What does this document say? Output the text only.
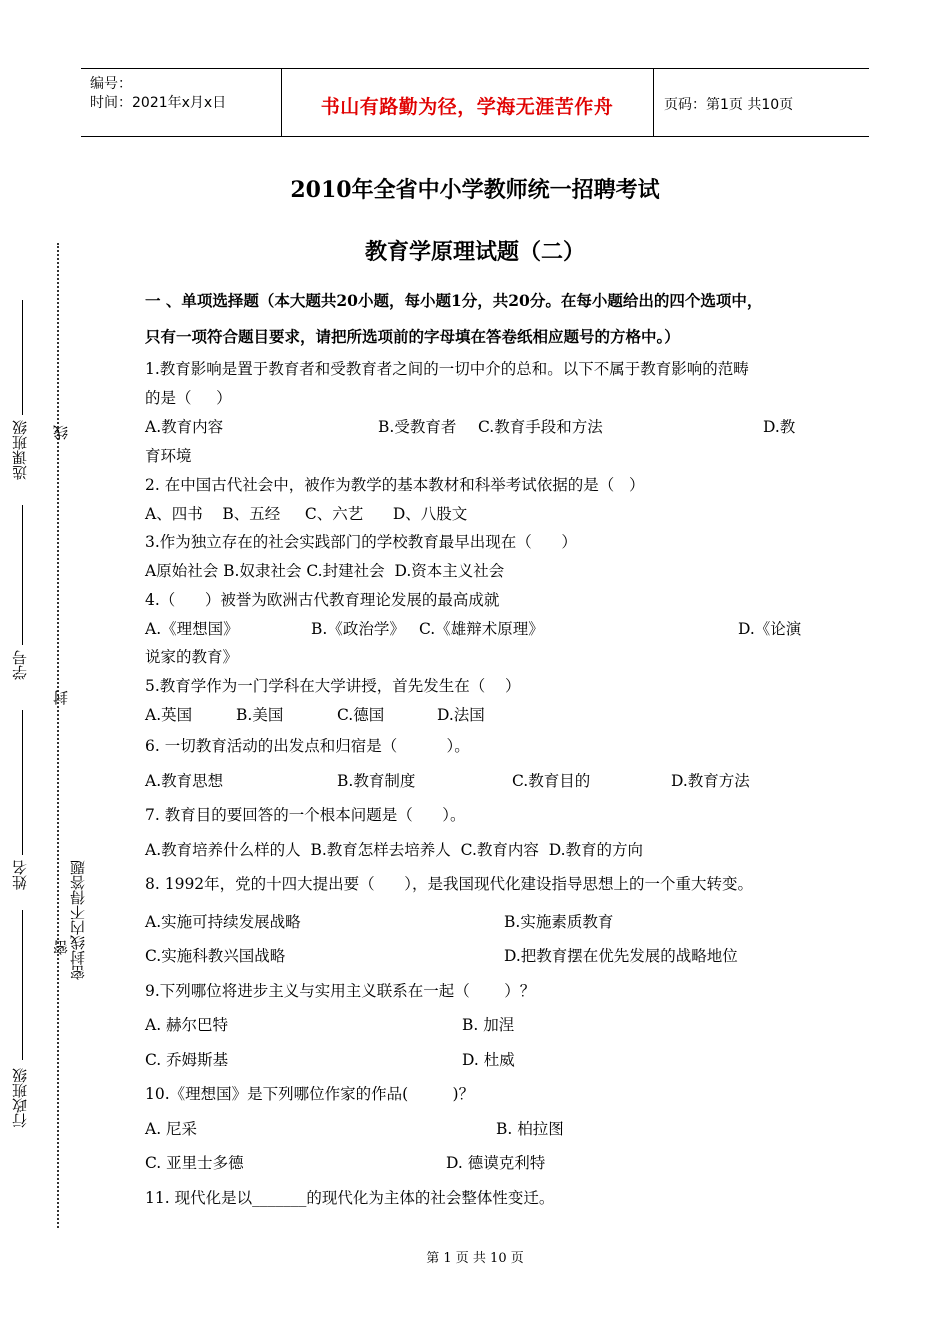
编号：
时间：2021年x月x日	书山有路勤为径，学海无涯苦作舟	页码：第1页 共10页
2010年全省中小学教师统一招聘考试
教育学原理试题（二）
一 、单项选择题（本大题共20小题，每小题1分，共20分。在每小题给出的四个选项中，
只有一项符合题目要求，请把所选项前的字母填在答卷纸相应题号的方格中。）
1.教育影响是置于教育者和受教育者之间的一切中介的总和。以下不属于教育影响的范畴
的是（     ）
A.教育内容	B.受教育者 C.教育手段和方法	D.教
育环境
2. 在中国古代社会中，被作为教学的基本教材和科举考试依据的是（   ）
A、四书    B、五经     C、六艺      D、八股文
3.作为独立存在的社会实践部门的学校教育最早出现在（      ）
A原始社会 B.奴隶社会 C.封建社会  D.资本主义社会
4.（      ）被誉为欧洲古代教育理论发展的最高成就
A.《理想国》	B.《政治学》 C.《雄辩术原理》	D.《论演
说家的教育》
5.教育学作为一门学科在大学讲授，首先发生在（    ）
A.英国	B.美国	C.德国	D.法国
6. 一切教育活动的出发点和归宿是（          ）。
A.教育思想	B.教育制度	C.教育目的	D.教育方法
7. 教育目的要回答的一个根本问题是（      ）。
A.教育培养什么样的人  B.教育怎样去培养人  C.教育内容  D.教育的方向
8. 1992年，党的十四大提出要（      ），是我国现代化建设指导思想上的一个重大转变。
A.实施可持续发展战略	B.实施素质教育
C.实施科教兴国战略	D.把教育摆在优先发展的战略地位
9.下列哪位将进步主义与实用主义联系在一起（       ）？
A. 赫尔巴特	B. 加涅
C. 乔姆斯基	D. 杜威
10.《理想国》是下列哪位作家的作品(         )？
A. 尼采	B. 柏拉图
C. 亚里士多德	D. 德谟克利特
11. 现代化是以_______的现代化为主体的社会整体性变迁。
选课班级 线
学号
封
姓名
密 密封线内不得答题
行政班级
第 1 页 共 10 页
